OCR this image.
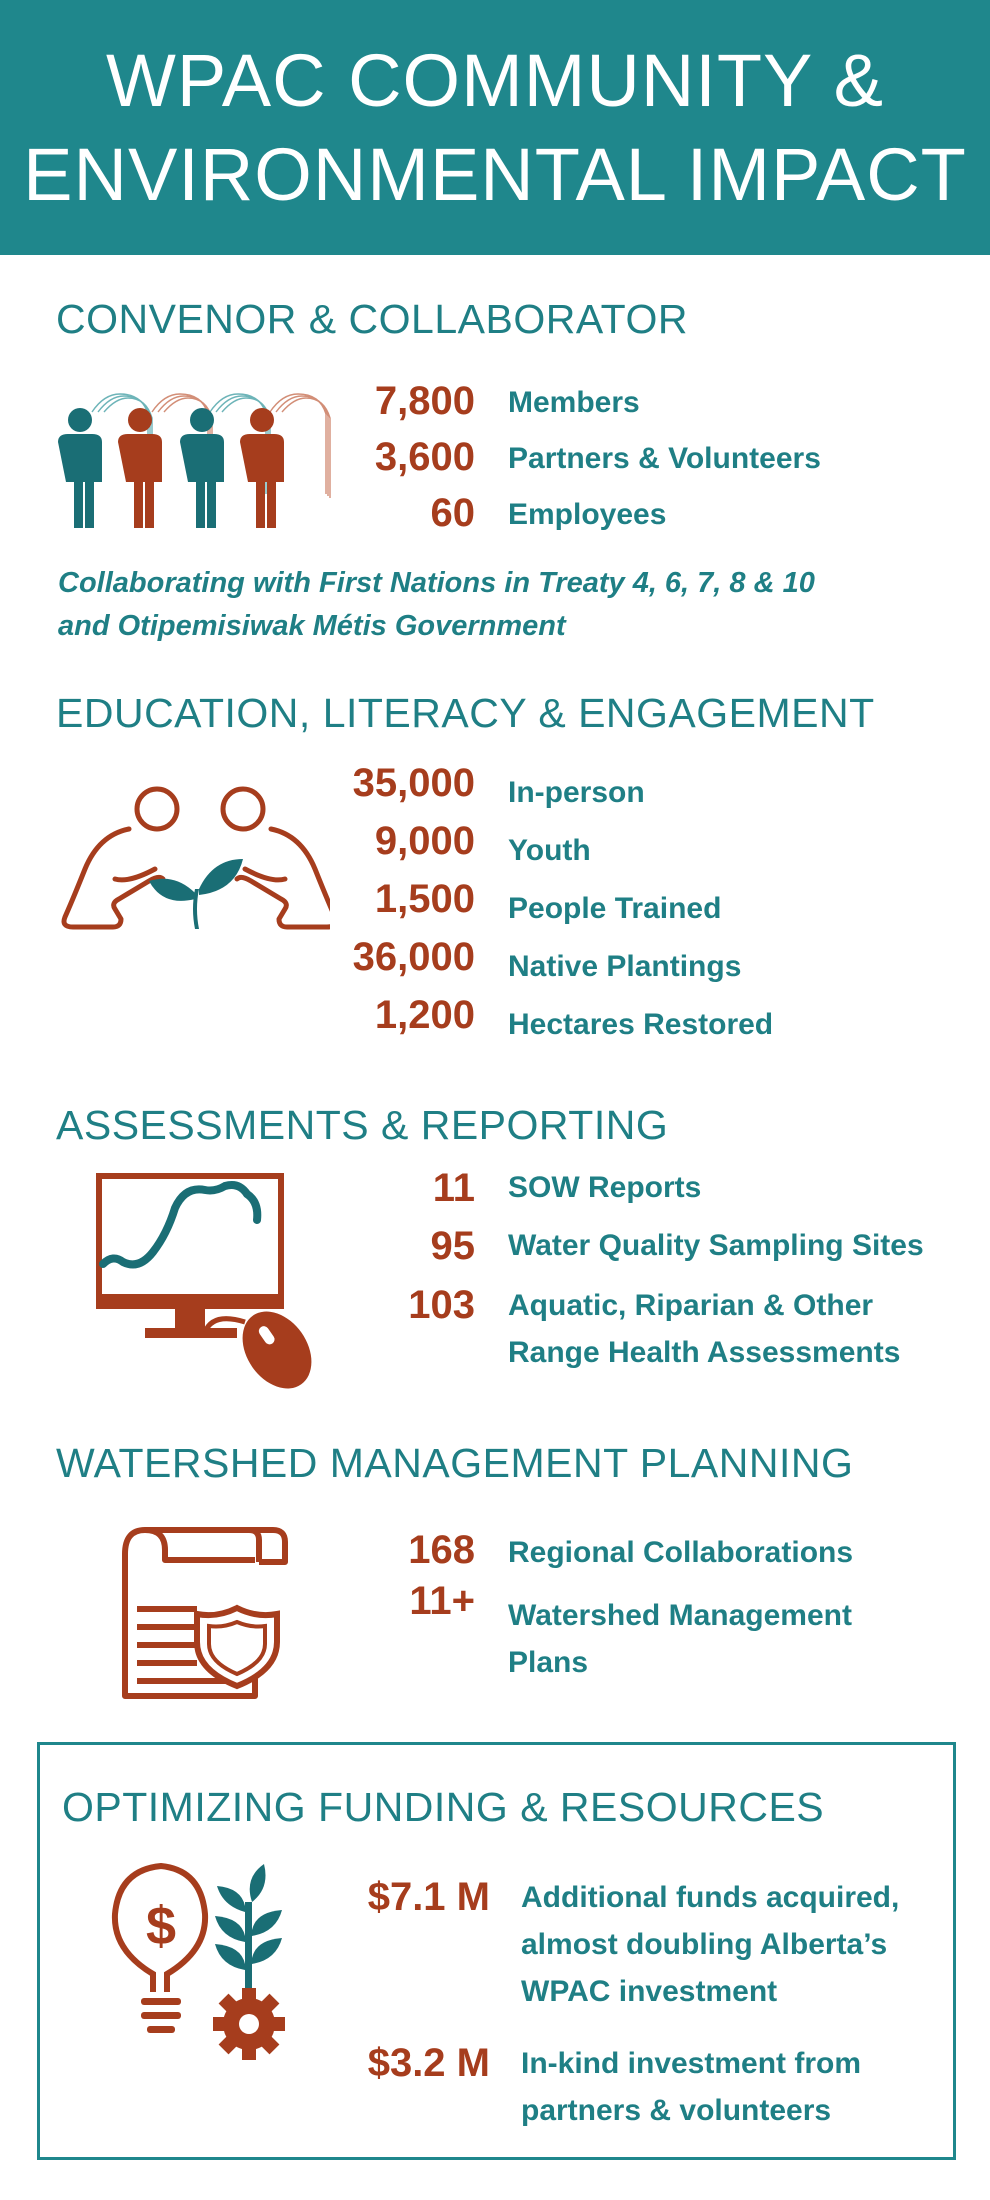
WPAC COMMUNITY &
ENVIRONMENTAL IMPACT
CONVENOR & COLLABORATOR
7,800 Members
3,600 Partners & Volunteers
60 Employees
Collaborating with First Nations in Treaty 4, 6, 7, 8 & 10
and Otipemisiwak Métis Government
EDUCATION, LITERACY & ENGAGEMENT
35,000 In-person
9,000 Youth
1,500 People Trained
36,000 Native Plantings
1,200 Hectares Restored
ASSESSMENTS & REPORTING
11 SOW Reports
95 Water Quality Sampling Sites
103 Aquatic, Riparian & Other
Range Health Assessments
WATERSHED MANAGEMENT PLANNING
168 Regional Collaborations
11+ Watershed Management
Plans
OPTIMIZING FUNDING & RESOURCES
$	$7.1 M Additional funds acquired,
almost doubling Alberta’s
WPAC investment
$3.2 M In-kind investment from
partners & volunteers
